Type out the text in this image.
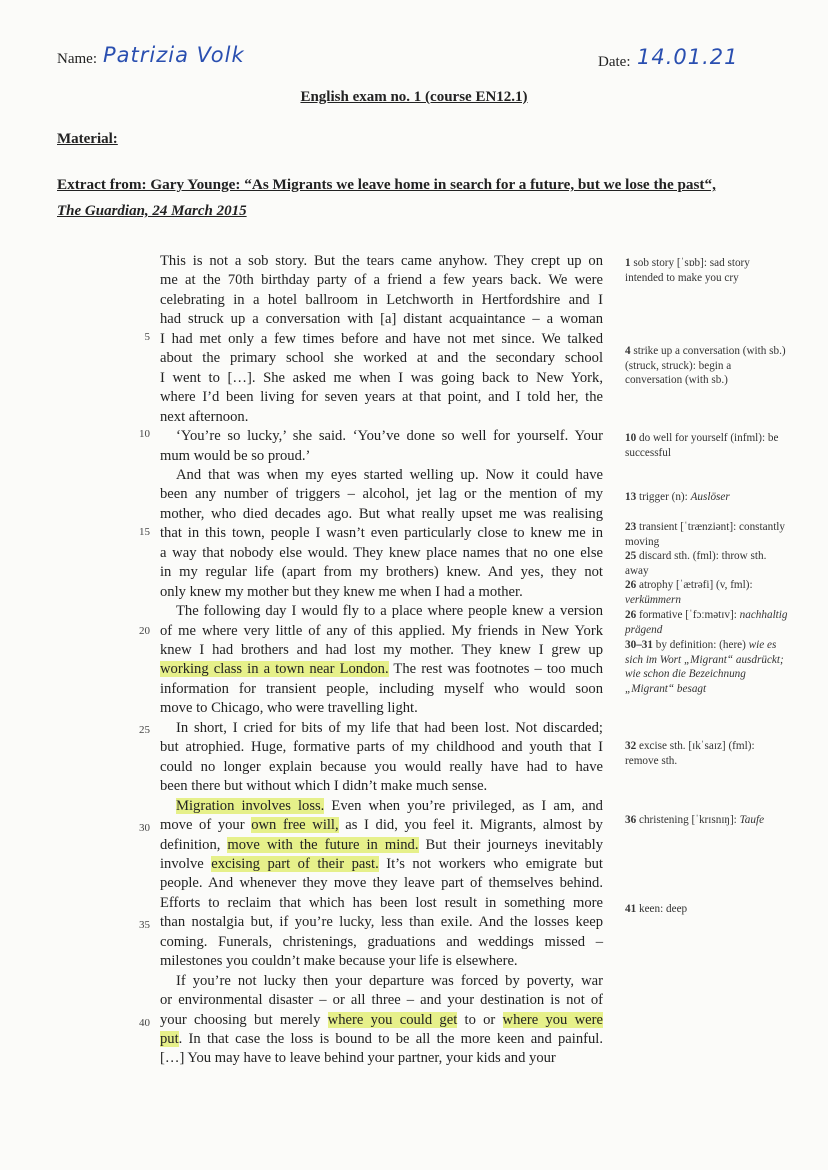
Name: Patrizia Volk	Date: 14.01.21
English exam no. 1 (course EN12.1)
Material:
Extract from: Gary Younge: “As Migrants we leave home in search for a future, but we lose the past“,
The Guardian, 24 March 2015
This is not a sob story. But the tears came anyhow. They crept up on
me at the 70th birthday party of a friend a few years back. We were
celebrating in a hotel ballroom in Letchworth in Hertfordshire and I
had struck up a conversation with [a] distant acquaintance – a woman
I had met only a few times before and have not met since. We talked
about the primary school she worked at and the secondary school
I went to […]. She asked me when I was going back to New York,
where I’d been living for seven years at that point, and I told her, the
next afternoon.
‘You’re so lucky,’ she said. ‘You’ve done so well for yourself. Your
mum would be so proud.’
And that was when my eyes started welling up. Now it could have
been any number of triggers – alcohol, jet lag or the mention of my
mother, who died decades ago. But what really upset me was realising
that in this town, people I wasn’t even particularly close to knew me in
a way that nobody else would. They knew place names that no one else
in my regular life (apart from my brothers) knew. And yes, they not
only knew my mother but they knew me when I had a mother.
The following day I would fly to a place where people knew a version
of me where very little of any of this applied. My friends in New York
knew I had brothers and had lost my mother. They knew I grew up
working class in a town near London. The rest was footnotes – too much
information for transient people, including myself who would soon
move to Chicago, who were travelling light.
In short, I cried for bits of my life that had been lost. Not discarded;
but atrophied. Huge, formative parts of my childhood and youth that I
could no longer explain because you would really have had to have
been there but without which I didn’t make much sense.
Migration involves loss. Even when you’re privileged, as I am, and
move of your own free will, as I did, you feel it. Migrants, almost by
definition, move with the future in mind. But their journeys inevitably
involve excising part of their past. It’s not workers who emigrate but
people. And whenever they move they leave part of themselves behind.
Efforts to reclaim that which has been lost result in something more
than nostalgia but, if you’re lucky, less than exile. And the losses keep
coming. Funerals, christenings, graduations and weddings missed –
milestones you couldn’t make because your life is elsewhere.
If you’re not lucky then your departure was forced by poverty, war
or environmental disaster – or all three – and your destination is not of
your choosing but merely where you could get to or where you were
put. In that case the loss is bound to be all the more keen and painful.
[…] You may have to leave behind your partner, your kids and your
5
10
15
20
25
30
35
40
1 sob story [ˈsɒb]: sad story intended to make you cry
4 strike up a conversation (with sb.) (struck, struck): begin a conversation (with sb.)
10 do well for yourself (infml): be successful
13 trigger (n): Auslöser
23 transient [ˈtrænziənt]: constantly moving
25 discard sth. (fml): throw sth. away
26 atrophy [ˈætrəfi] (v, fml): verkümmern
26 formative [ˈfɔːmətɪv]: nachhaltig prägend
30–31 by definition: (here) wie es sich im Wort „Migrant“ ausdrückt; wie schon die Bezeichnung „Migrant“ besagt
32 excise sth. [ɪkˈsaɪz] (fml): remove sth.
36 christening [ˈkrɪsnɪŋ]: Taufe
41 keen: deep
